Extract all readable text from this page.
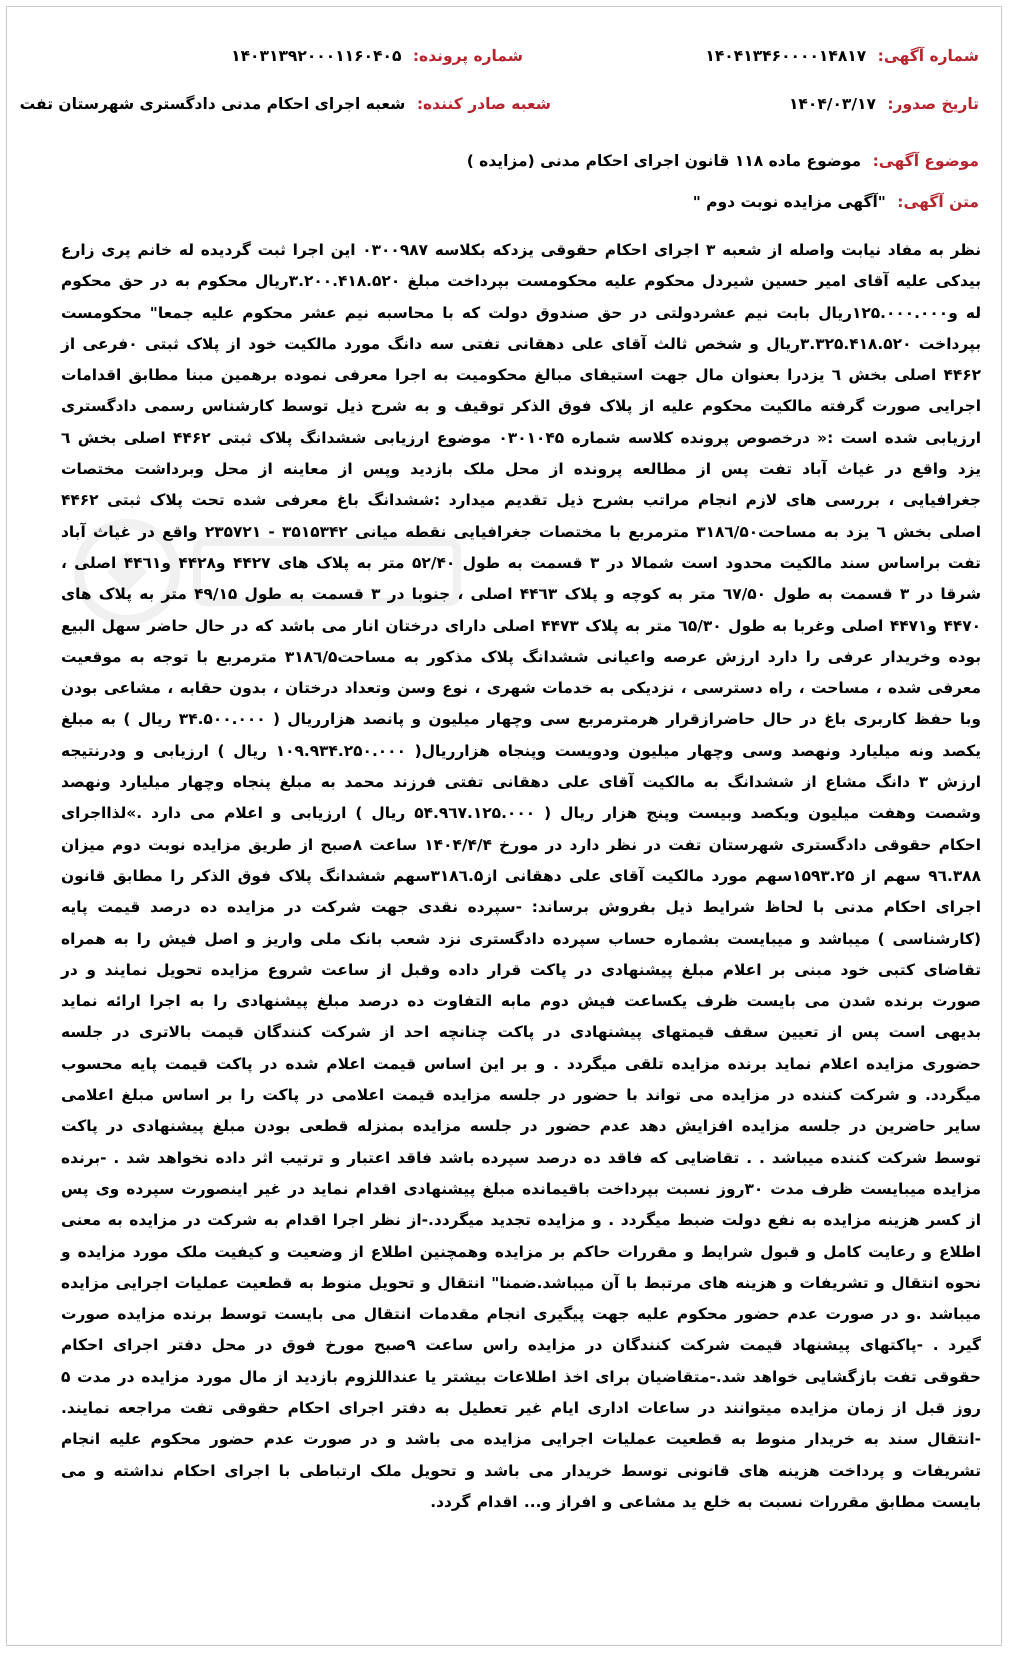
شماره آگهی: ۱۴۰۴۱۳۴۶۰۰۰۰۱۴۸۱۷
شماره پرونده: ۱۴۰۳۱۳۹۲۰۰۰۱۱۶۰۴۰۵
تاریخ صدور: ۱۴۰۴/۰۳/۱۷
شعبه صادر کننده: شعبه اجرای احکام مدنی دادگستری شهرستان تفت
موضوع آگهی: موضوع ماده ۱۱۸ قانون اجرای احکام مدنی (مزایده )
متن آگهی: "آگهی مزایده نوبت دوم "
نظر به مفاد نیابت واصله از شعبه ۳ اجرای احکام حقوقی یزدکه بکلاسه ۰۳۰۰۹۸۷ این اجرا ثبت گردیده له خانم پری زارع بیدکی علیه آقای امیر حسین شیردل محکوم علیه محکومست بپرداخت مبلغ ۳.۲۰۰.۴۱۸.۵۲۰ریال محکوم به در حق محکوم له و۱۲۵.۰۰۰.۰۰۰ریال بابت نیم عشردولتی در حق صندوق دولت که با محاسبه نیم عشر محکوم علیه جمعا" محکومست بپرداخت ۳.۳۲۵.۴۱۸.۵۲۰ریال و شخص ثالث آقای علی دهقانی تفتی سه دانگ مورد مالکیت خود از پلاک ثبتی ۰فرعی از ۴۴۶۲ اصلی بخش ٦ یزدرا بعنوان مال جهت استیفای مبالغ محکومیت به اجرا معرفی نموده برهمین مبنا مطابق اقدامات اجرایی صورت گرفته مالکیت محکوم علیه از پلاک فوق الذکر توقیف و به شرح ذیل توسط کارشناس رسمی دادگستری ارزیابی شده است :« درخصوص پرونده کلاسه شماره ۰۳۰۱۰۴۵ موضوع ارزیابی ششدانگ پلاک ثبتی ۴۴۶۲ اصلی بخش ٦ یزد واقع در غیاث آباد تفت پس از مطالعه پرونده از محل ملک بازدید وپس از معاینه از محل وبرداشت مختصات جغرافیایی ، بررسی های لازم انجام مراتب بشرح ذیل تقدیم میدارد :ششدانگ باغ معرفی شده تحت پلاک ثبتی ۴۴۶۲ اصلی بخش ٦ یزد به مساحت۳۱۸٦/۵۰ مترمربع با مختصات جغرافیایی نقطه میانی ۳۵۱۵۳۴۲ - ۲۳۵۷۲۱ واقع در غیاث آباد تفت براساس سند مالکیت محدود است شمالا در ۳ قسمت به طول ۵۲/۴۰ متر به پلاک های ۴۴۲۷ و۴۴۲۸ و۴۴٦۱ اصلی ، شرقا در ۳ قسمت به طول ٦۷/۵۰ متر به کوچه و پلاک ۴۴٦۳ اصلی ، جنوبا در ۳ قسمت به طول ۴۹/۱۵ متر به پلاک های ۴۴۷۰ و۴۴۷۱ اصلی وغربا به طول ٦۵/۳۰ متر به پلاک ۴۴۷۳ اصلی دارای درختان انار می باشد که در حال حاضر سهل البیع بوده وخریدار عرفی را دارد ارزش عرصه واعیانی ششدانگ پلاک مذکور به مساحت۳۱۸٦/۵ مترمربع با توجه به موقعیت معرفی شده ، مساحت ، راه دسترسی ، نزدیکی به خدمات شهری ، نوع وسن وتعداد درختان ، بدون حقابه ، مشاعی بودن وبا حفظ کاربری باغ در حال حاضرازقرار هرمترمربع سی وچهار میلیون و پانصد هزارریال ( ۳۴.۵۰۰.۰۰۰ ریال ) به مبلغ یکصد ونه میلیارد ونهصد وسی وچهار میلیون ودویست وپنجاه هزارریال( ۱۰۹.۹۳۴.۲۵۰.۰۰۰ ریال ) ارزیابی و ودرنتیجه ارزش ۳ دانگ مشاع از ششدانگ به مالکیت آقای علی دهقانی تفتی فرزند محمد به مبلغ پنجاه وچهار میلیارد ونهصد وشصت وهفت میلیون ویکصد وبیست وپنج هزار ریال ( ۵۴.۹٦۷.۱۲۵.۰۰۰ ریال ) ارزیابی و اعلام می دارد .»لذااجرای احکام حقوقی دادگستری شهرستان تفت در نظر دارد در مورخ ۱۴۰۴/۴/۴ ساعت ۸صبح از طریق مزایده نوبت دوم میزان ۹٦.۳۸۸ سهم از ۱۵۹۳.۲۵سهم مورد مالکیت آقای علی دهقانی از۳۱۸٦.۵سهم ششدانگ پلاک فوق الذکر را مطابق قانون اجرای احکام مدنی با لحاظ شرایط ذیل بفروش برساند: -سپرده نقدی جهت شرکت در مزایده ده درصد قیمت پایه (کارشناسی ) میباشد و میبایست بشماره حساب سپرده دادگستری نزد شعب بانک ملی واریز و اصل فیش را به همراه تقاضای کتبی خود مبنی بر اعلام مبلغ پیشنهادی در پاکت قرار داده وقبل از ساعت شروع مزایده تحویل نمایند و در صورت برنده شدن می بایست ظرف یکساعت فیش دوم مابه التفاوت ده درصد مبلغ پیشنهادی را به اجرا ارائه نماید بدیهی است پس از تعیین سقف قیمتهای پیشنهادی در پاکت چنانچه احد از شرکت کنندگان قیمت بالاتری در جلسه حضوری مزایده اعلام نماید برنده مزایده تلقی میگردد . و بر این اساس قیمت اعلام شده در پاکت قیمت پایه محسوب میگردد. و شرکت کننده در مزایده می تواند با حضور در جلسه مزایده قیمت اعلامی در پاکت را بر اساس مبلغ اعلامی سایر حاضرین در جلسه مزایده افزایش دهد عدم حضور در جلسه مزایده بمنزله قطعی بودن مبلغ پیشنهادی در پاکت توسط شرکت کننده میباشد . . تقاضایی که فاقد ده درصد سپرده باشد فاقد اعتبار و ترتیب اثر داده نخواهد شد . -برنده مزایده میبایست ظرف مدت ۳۰روز نسبت بپرداخت باقیمانده مبلغ پیشنهادی اقدام نماید در غیر اینصورت سپرده وی پس از کسر هزینه مزایده به نفع دولت ضبط میگردد . و مزایده تجدید میگردد.-از نظر اجرا اقدام به شرکت در مزایده به معنی اطلاع و رعایت کامل و قبول شرایط و مقررات حاکم بر مزایده وهمچنین اطلاع از وضعیت و کیفیت ملک مورد مزایده و نحوه انتقال و تشریفات و هزینه های مرتبط با آن میباشد.ضمنا" انتقال و تحویل منوط به قطعیت عملیات اجرایی مزایده میباشد .و در صورت عدم حضور محکوم علیه جهت پیگیری انجام مقدمات انتقال می بایست توسط برنده مزایده صورت گیرد . -پاکتهای پیشنهاد قیمت شرکت کنندگان در مزایده راس ساعت ۹صبح مورخ فوق در محل دفتر اجرای احکام حقوقی تفت بازگشایی خواهد شد.-متقاضیان برای اخذ اطلاعات بیشتر یا عنداللزوم بازدید از مال مورد مزایده در مدت ۵ روز قبل از زمان مزایده میتوانند در ساعات اداری ایام غیر تعطیل به دفتر اجرای احکام حقوقی تفت مراجعه نمایند. -انتقال سند به خریدار منوط به قطعیت عملیات اجرایی مزایده می باشد و در صورت عدم حضور محکوم علیه انجام تشریفات و پرداخت هزینه های قانونی توسط خریدار می باشد و تحویل ملک ارتباطی با اجرای احکام نداشته و می بایست مطابق مقررات نسبت به خلع ید مشاعی و افراز و... اقدام گردد.
